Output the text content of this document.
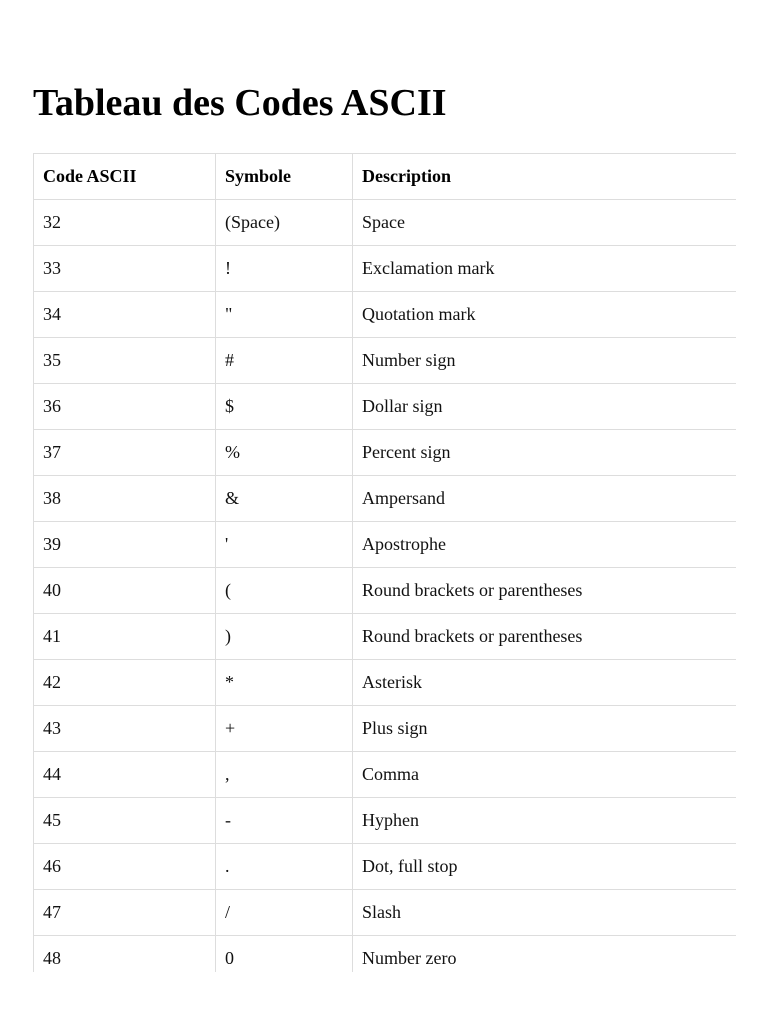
Tableau des Codes ASCII
Code ASCII	Symbole	Description
32	(Space)	Space
33	!	Exclamation mark
34	"	Quotation mark
35	#	Number sign
36	$	Dollar sign
37	%	Percent sign
38	&	Ampersand
39	'	Apostrophe
40	(	Round brackets or parentheses
41	)	Round brackets or parentheses
42	*	Asterisk
43	+	Plus sign
44	,	Comma
45	-	Hyphen
46	.	Dot, full stop
47	/	Slash
48	0	Number zero
